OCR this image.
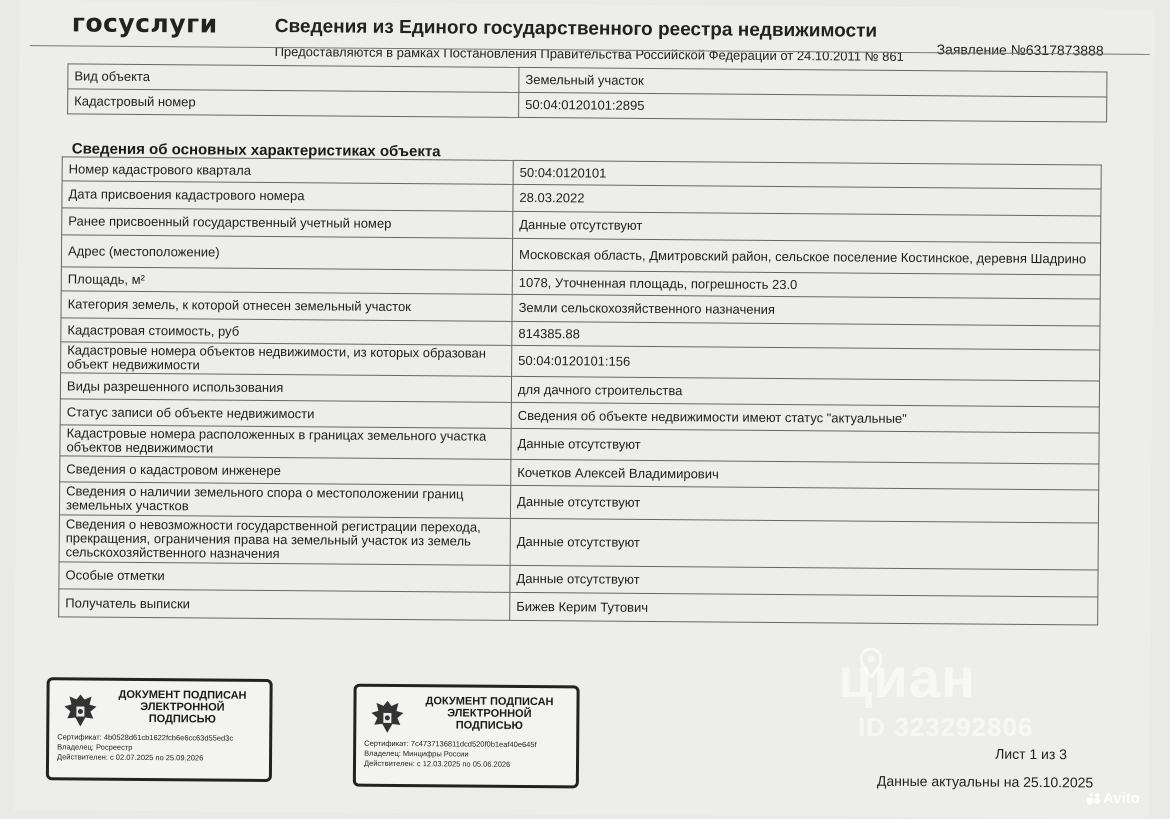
госуслуги	Сведения из Единого государственного реестра недвижимости
Предоставляются в рамках Постановления Правительства Российской Федерации от 24.10.2011 № 861 Заявление №6317873888
Вид объекта	Земельный участок
Кадастровый номер	50:04:0120101:2895
Сведения об основных характеристиках объекта
Номер кадастрового квартала	50:04:0120101
Дата присвоения кадастрового номера	28.03.2022
Ранее присвоенный государственный учетный номер	Данные отсутствуют
Адрес (местоположение)	Московская область, Дмитровский район, сельское поселение Костинское, деревня Шадрино
Площадь, м²	1078, Уточненная площадь, погрешность 23.0
Категория земель, к которой отнесен земельный участок	Земли сельскохозяйственного назначения
Кадастровая стоимость, руб	814385.88
Кадастровые номера объектов недвижимости, из которых образован объект недвижимости	50:04:0120101:156
Виды разрешенного использования	для дачного строительства
Статус записи об объекте недвижимости	Сведения об объекте недвижимости имеют статус "актуальные"
Кадастровые номера расположенных в границах земельного участка объектов недвижимости	Данные отсутствуют
Сведения о кадастровом инженере	Кочетков Алексей Владимирович
Сведения о наличии земельного спора о местоположении границ земельных участков	Данные отсутствуют
Сведения о невозможности государственной регистрации перехода, прекращения, ограничения права на земельный участок из земель сельскохозяйственного назначения	Данные отсутствуют
Особые отметки	Данные отсутствуют
Получатель выписки	Бижев Керим Тутович
ДОКУМЕНТ ПОДПИСАН ЭЛЕКТРОННОЙ ПОДПИСЬЮ
Сертификат: 4b0528d61cb1622fcb6e6cc63d55ed3c
Владелец: Росреестр
Действителен: с 02.07.2025 по 25.09.2026
ДОКУМЕНТ ПОДПИСАН ЭЛЕКТРОННОЙ ПОДПИСЬЮ
Сертификат: 7c4737136811dcd520f0b1eaf40e645f
Владелец: Минцифры России
Действителен: с 12.03.2025 по 05.06.2026
Лист 1 из 3
Данные актуальны на 25.10.2025
циан
ID 323292806
Avito
